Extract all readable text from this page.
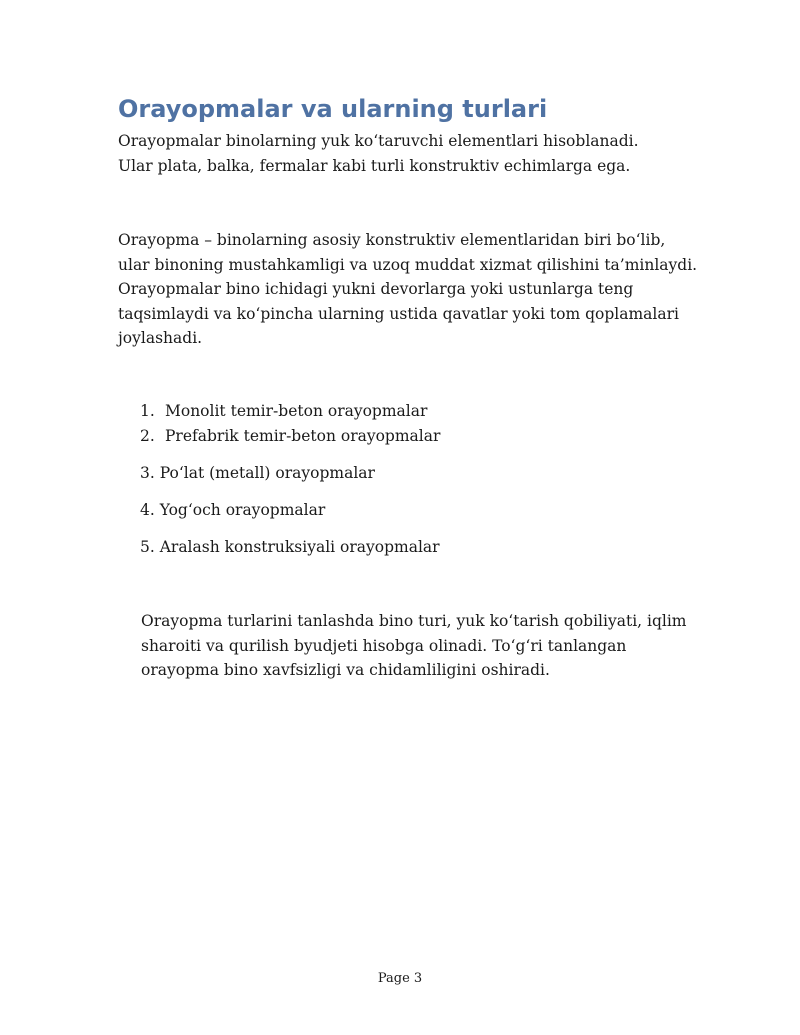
Orayopmalar va ularning turlari

Orayopmalar binolarning yuk ko‘taruvchi elementlari hisoblanadi. Ular plata, balka, fermalar kabi turli konstruktiv echimlarga ega.

Orayopma – binolarning asosiy konstruktiv elementlaridan biri bo‘lib, ular binoning mustahkamligi va uzoq muddat xizmat qilishini ta’minlaydi. Orayopmalar bino ichidagi yukni devorlarga yoki ustunlarga teng taqsimlaydi va ko‘pincha ularning ustida qavatlar yoki tom qoplamalari joylashadi.

1. Monolit temir-beton orayopmalar
2. Prefabrik temir-beton orayopmalar

3. Po‘lat (metall) orayopmalar

4. Yog‘och orayopmalar

5. Aralash konstruksiyali orayopmalar

Orayopma turlarini tanlashda bino turi, yuk ko‘tarish qobiliyati, iqlim sharoiti va qurilish byudjeti hisobga olinadi. To‘g‘ri tanlangan orayopma bino xavfsizligi va chidamliligini oshiradi.

Page 3
